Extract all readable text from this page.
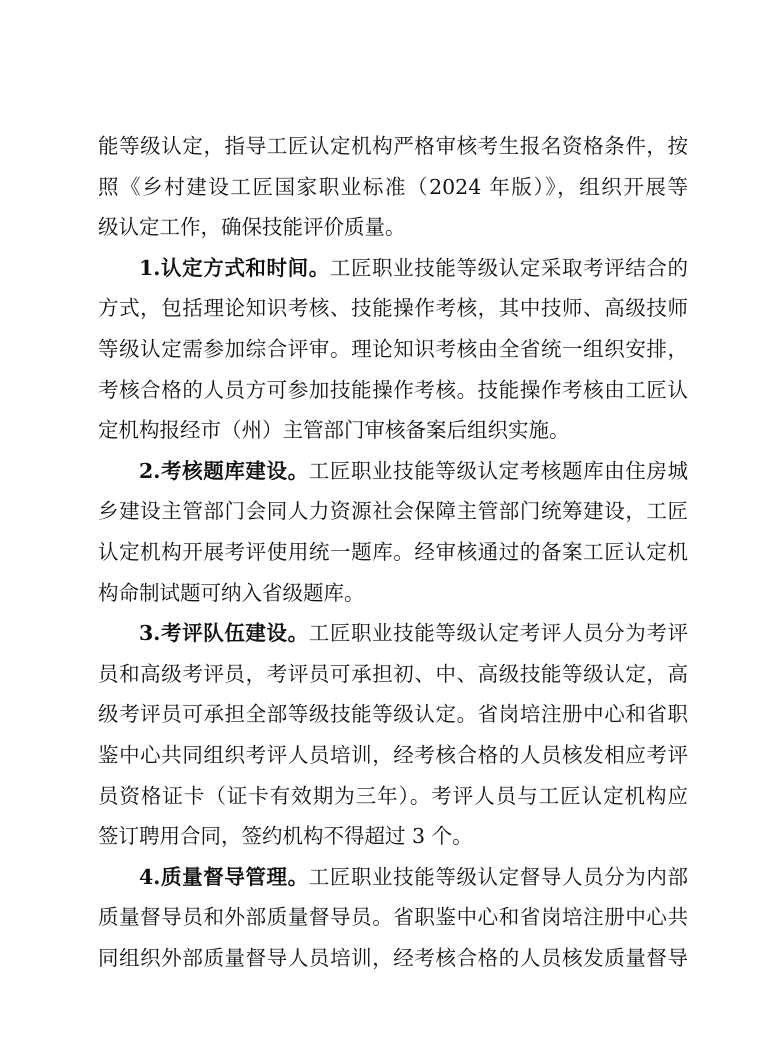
能等级认定，指导工匠认定机构严格审核考生报名资格条件，按
照《乡村建设工匠国家职业标准（2024 年版）》，组织开展等
级认定工作，确保技能评价质量。
1.认定方式和时间。工匠职业技能等级认定采取考评结合的
方式，包括理论知识考核、技能操作考核，其中技师、高级技师
等级认定需参加综合评审。理论知识考核由全省统一组织安排，
考核合格的人员方可参加技能操作考核。技能操作考核由工匠认
定机构报经市（州）主管部门审核备案后组织实施。
2.考核题库建设。工匠职业技能等级认定考核题库由住房城
乡建设主管部门会同人力资源社会保障主管部门统筹建设，工匠
认定机构开展考评使用统一题库。经审核通过的备案工匠认定机
构命制试题可纳入省级题库。
3.考评队伍建设。工匠职业技能等级认定考评人员分为考评
员和高级考评员，考评员可承担初、中、高级技能等级认定，高
级考评员可承担全部等级技能等级认定。省岗培注册中心和省职
鉴中心共同组织考评人员培训，经考核合格的人员核发相应考评
员资格证卡（证卡有效期为三年）。考评人员与工匠认定机构应
签订聘用合同，签约机构不得超过 3 个。
4.质量督导管理。工匠职业技能等级认定督导人员分为内部
质量督导员和外部质量督导员。省职鉴中心和省岗培注册中心共
同组织外部质量督导人员培训，经考核合格的人员核发质量督导
